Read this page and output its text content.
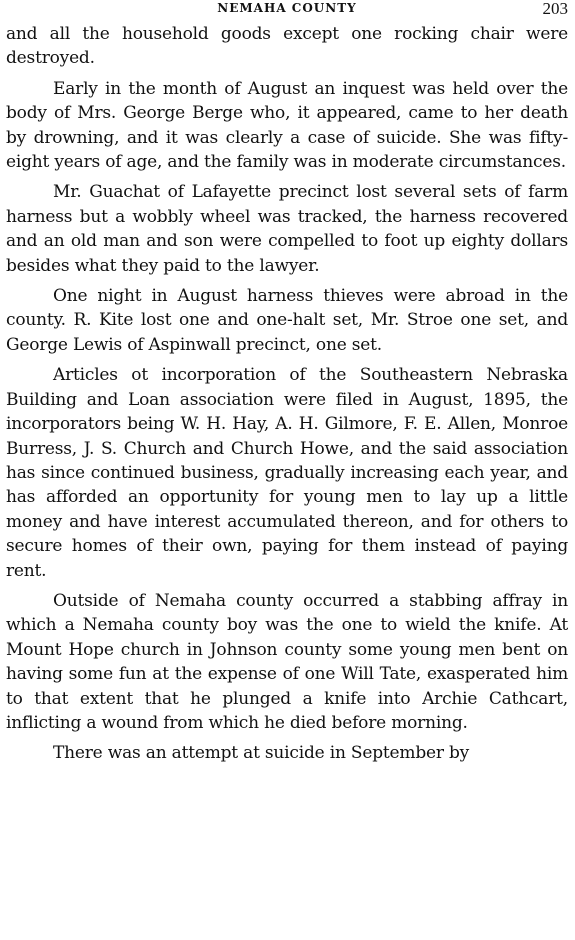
NEMAHA COUNTY	203

and all the household goods except one rocking chair were destroyed.

Early in the month of August an inquest was held over the body of Mrs. George Berge who, it appeared, came to her death by drowning, and it was clearly a case of suicide. She was fifty-eight years of age, and the family was in moderate circumstances.

Mr. Guachat of Lafayette precinct lost several sets of farm harness but a wobbly wheel was tracked, the harness recovered and an old man and son were compelled to foot up eighty dollars besides what they paid to the lawyer.

One night in August harness thieves were abroad in the county. R. Kite lost one and one-halt set, Mr. Stroe one set, and George Lewis of Aspinwall precinct, one set.

Articles ot incorporation of the Southeastern Nebraska Building and Loan association were filed in August, 1895, the incorporators being W. H. Hay, A. H. Gilmore, F. E. Allen, Monroe Burress, J. S. Church and Church Howe, and the said association has since continued business, gradually increasing each year, and has afforded an opportunity for young men to lay up a little money and have interest accumulated thereon, and for others to secure homes of their own, paying for them instead of paying rent.

Outside of Nemaha county occurred a stabbing affray in which a Nemaha county boy was the one to wield the knife. At Mount Hope church in Johnson county some young men bent on having some fun at the expense of one Will Tate, exasperated him to that extent that he plunged a knife into Archie Cathcart, inflicting a wound from which he died before morning.

There was an attempt at suicide in September by
